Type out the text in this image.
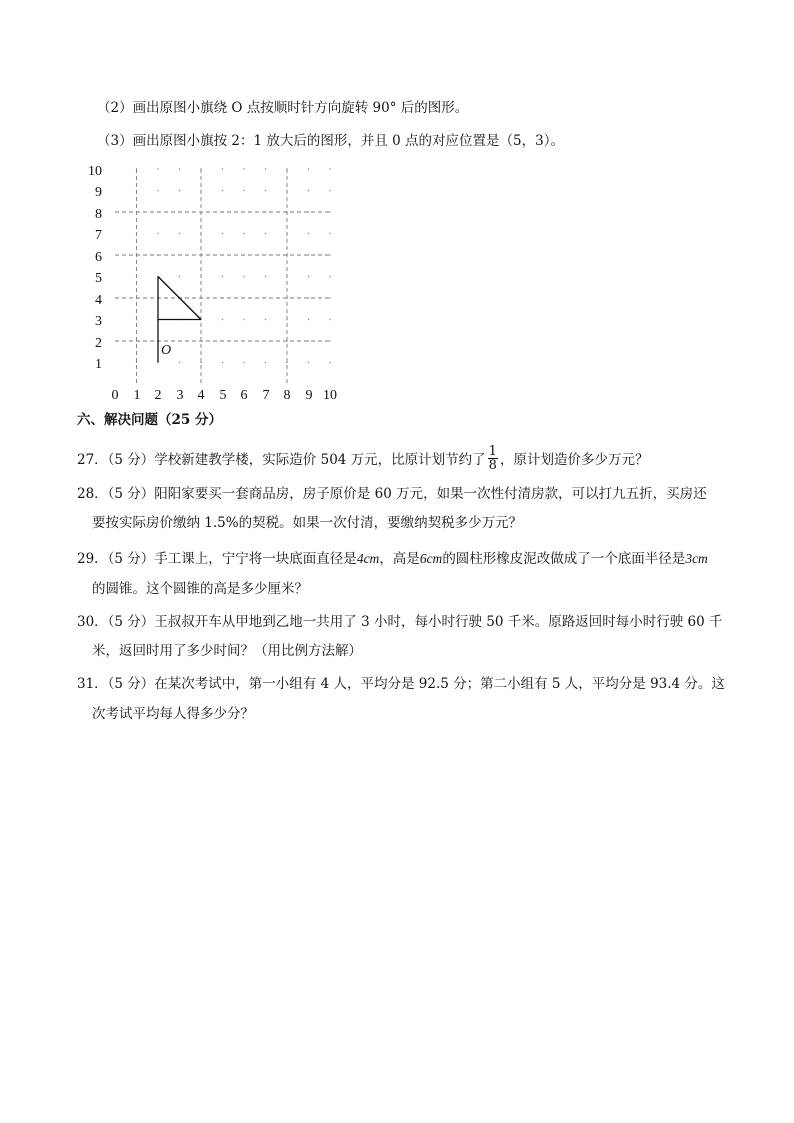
（2）画出原图小旗绕 O 点按顺时针方向旋转 90° 后的图形。
（3）画出原图小旗按 2：1 放大后的图形，并且 0 点的对应位置是（5，3）。
10
9
8
7
6
5
4
3
2
1
0 1 2 3 4 5 6 7 8 9 10
O
六、解决问题（25 分）
27．（5 分）学校新建教学楼，实际造价 504 万元，比原计划节约了 $\frac{1}{8}$ ，原计划造价多少万元？
28．（5 分）阳阳家要买一套商品房，房子原价是 60 万元，如果一次性付清房款，可以打九五折，买房还
要按实际房价缴纳 1.5%的契税。如果一次付清，要缴纳契税多少万元？
29．（5 分）手工课上，宁宁将一块底面直径是4cm，高是6cm的圆柱形橡皮泥改做成了一个底面半径是3cm
的圆锥。这个圆锥的高是多少厘米？
30．（5 分）王叔叔开车从甲地到乙地一共用了 3 小时，每小时行驶 50 千米。原路返回时每小时行驶 60 千
米，返回时用了多少时间？（用比例方法解）
31．（5 分）在某次考试中，第一小组有 4 人，平均分是 92.5 分；第二小组有 5 人，平均分是 93.4 分。这
次考试平均每人得多少分？
